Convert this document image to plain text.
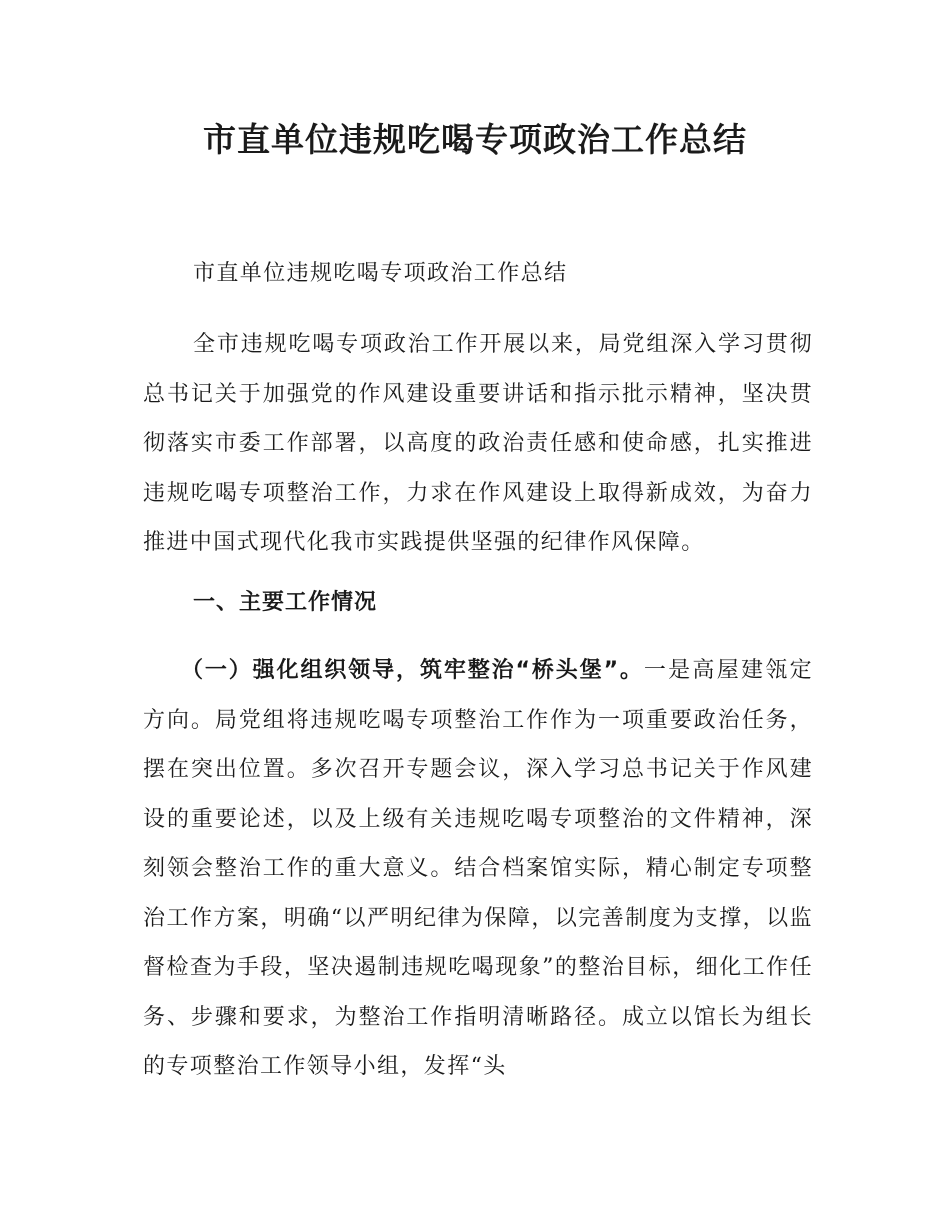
市直单位违规吃喝专项政治工作总结

市直单位违规吃喝专项政治工作总结

全市违规吃喝专项政治工作开展以来，局党组深入学习贯彻总书记关于加强党的作风建设重要讲话和指示批示精神，坚决贯彻落实市委工作部署，以高度的政治责任感和使命感，扎实推进违规吃喝专项整治工作，力求在作风建设上取得新成效，为奋力推进中国式现代化我市实践提供坚强的纪律作风保障。

一、主要工作情况

（一）强化组织领导，筑牢整治“桥头堡”。一是高屋建瓴定方向。局党组将违规吃喝专项整治工作作为一项重要政治任务，摆在突出位置。多次召开专题会议，深入学习总书记关于作风建设的重要论述，以及上级有关违规吃喝专项整治的文件精神，深刻领会整治工作的重大意义。结合档案馆实际，精心制定专项整治工作方案，明确“以严明纪律为保障，以完善制度为支撑，以监督检查为手段，坚决遏制违规吃喝现象”的整治目标，细化工作任务、步骤和要求，为整治工作指明清晰路径。成立以馆长为组长的专项整治工作领导小组，发挥“头
